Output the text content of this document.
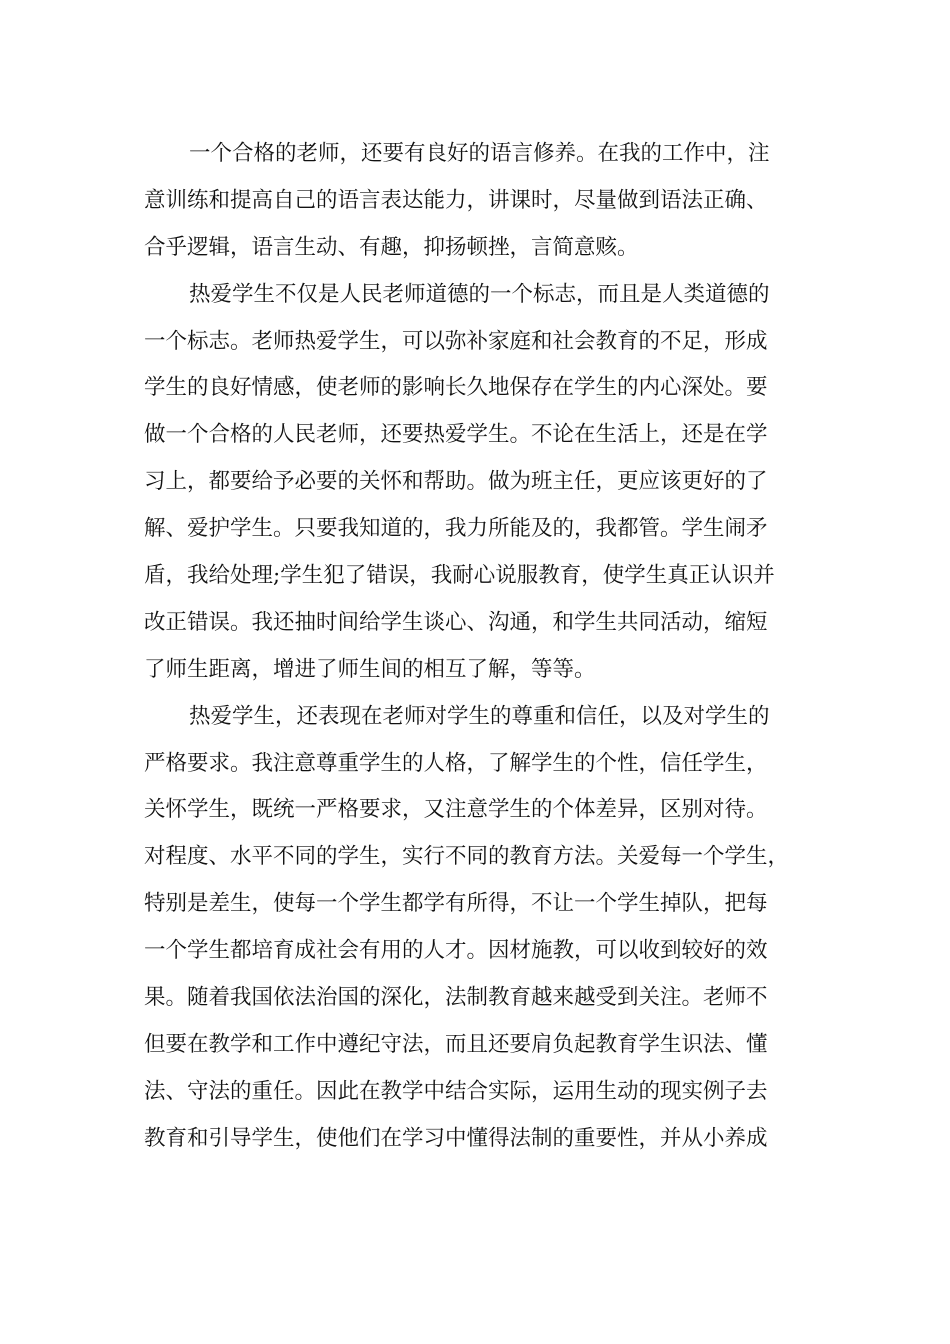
一个合格的老师，还要有良好的语言修养。在我的工作中，注
意训练和提高自己的语言表达能力，讲课时，尽量做到语法正确、
合乎逻辑，语言生动、有趣，抑扬顿挫，言简意赅。
热爱学生不仅是人民老师道德的一个标志，而且是人类道德的
一个标志。老师热爱学生，可以弥补家庭和社会教育的不足，形成
学生的良好情感，使老师的影响长久地保存在学生的内心深处。要
做一个合格的人民老师，还要热爱学生。不论在生活上，还是在学
习上，都要给予必要的关怀和帮助。做为班主任，更应该更好的了
解、爱护学生。只要我知道的，我力所能及的，我都管。学生闹矛
盾，我给处理;学生犯了错误，我耐心说服教育，使学生真正认识并
改正错误。我还抽时间给学生谈心、沟通，和学生共同活动，缩短
了师生距离，增进了师生间的相互了解，等等。
热爱学生，还表现在老师对学生的尊重和信任，以及对学生的
严格要求。我注意尊重学生的人格，了解学生的个性，信任学生，
关怀学生，既统一严格要求，又注意学生的个体差异，区别对待。
对程度、水平不同的学生，实行不同的教育方法。关爱每一个学生，
特别是差生，使每一个学生都学有所得，不让一个学生掉队，把每
一个学生都培育成社会有用的人才。因材施教，可以收到较好的效
果。随着我国依法治国的深化，法制教育越来越受到关注。老师不
但要在教学和工作中遵纪守法，而且还要肩负起教育学生识法、懂
法、守法的重任。因此在教学中结合实际，运用生动的现实例子去
教育和引导学生，使他们在学习中懂得法制的重要性，并从小养成
